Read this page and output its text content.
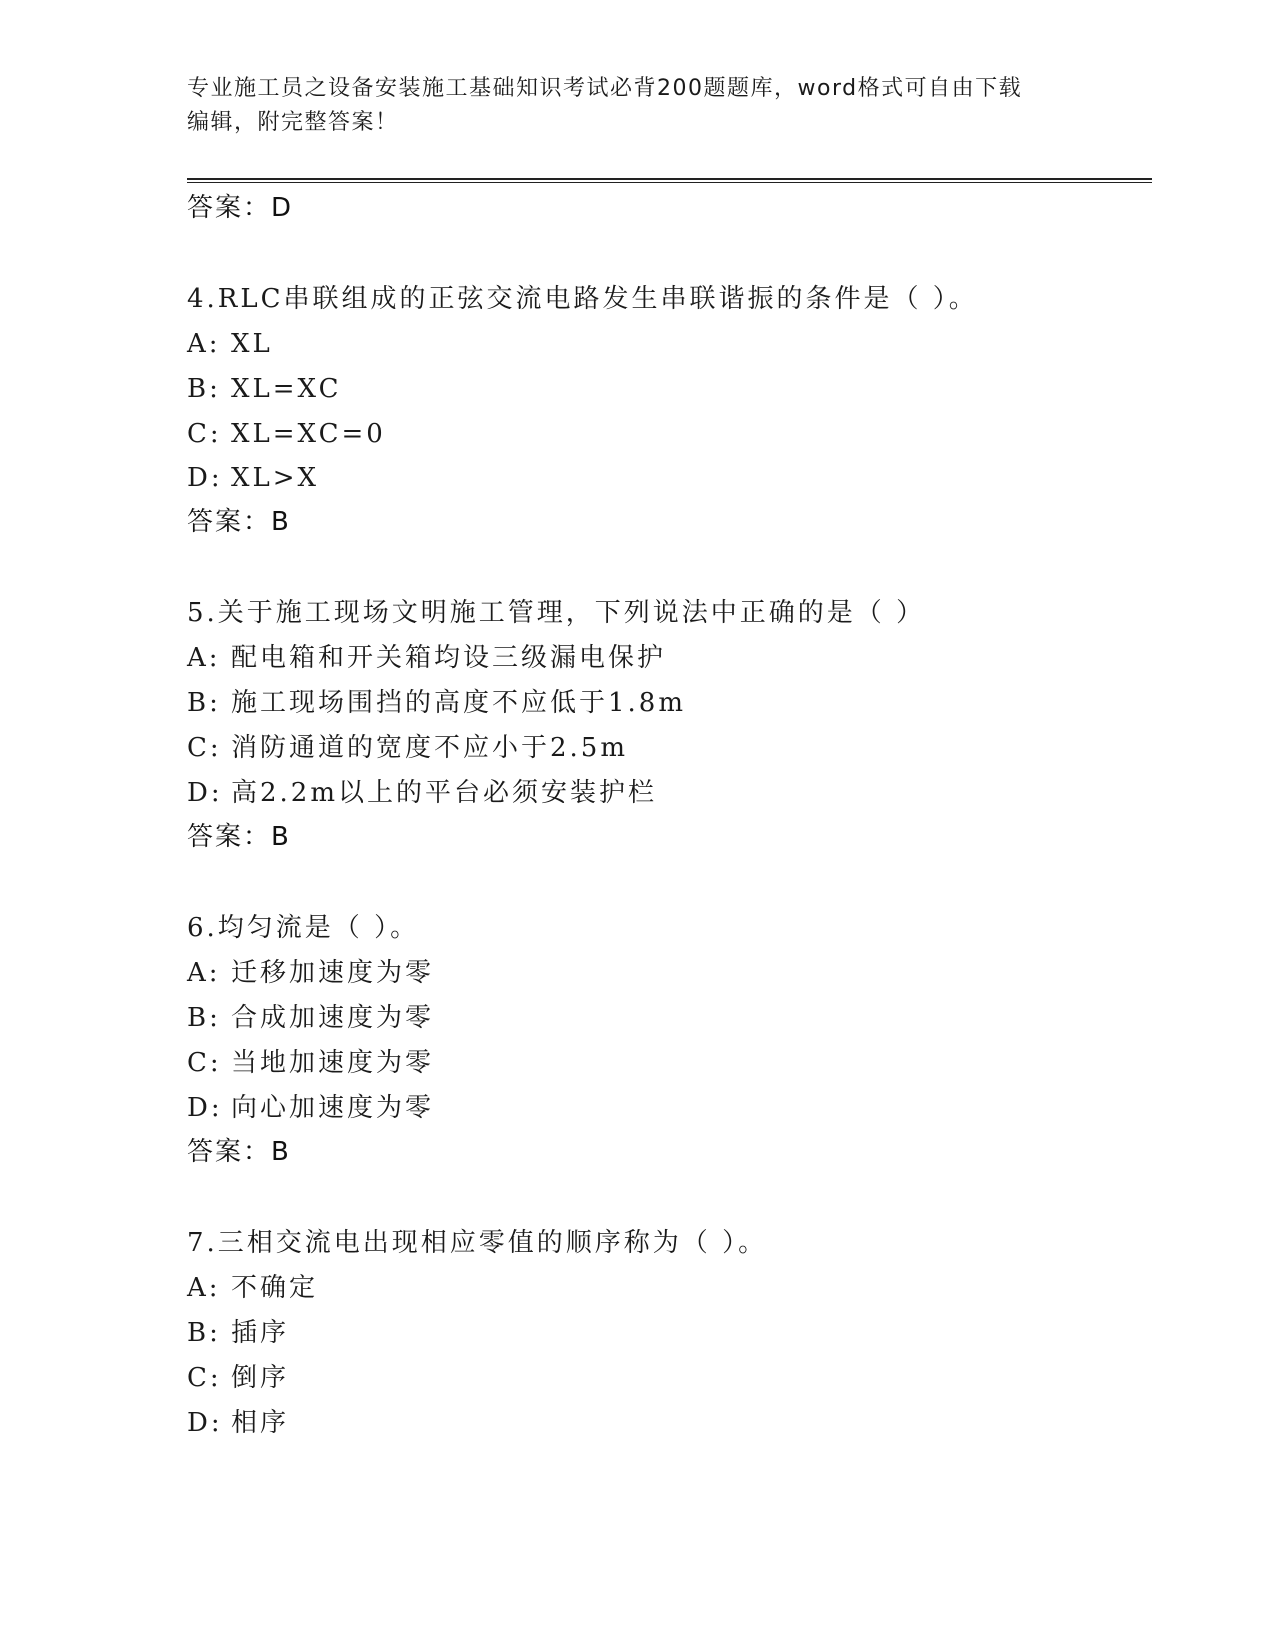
专业施工员之设备安装施工基础知识考试必背200题题库，word格式可自由下载
编辑，附完整答案！
答案：D
4.RLC串联组成的正弦交流电路发生串联谐振的条件是（ ）。
A: XL
B: XL=XC
C: XL=XC=0
D: XL>X
答案：B
5.关于施工现场文明施工管理，下列说法中正确的是（ ）
A: 配电箱和开关箱均设三级漏电保护
B: 施工现场围挡的高度不应低于1.8m
C: 消防通道的宽度不应小于2.5m
D: 高2.2m以上的平台必须安装护栏
答案：B
6.均匀流是（ ）。
A: 迁移加速度为零
B: 合成加速度为零
C: 当地加速度为零
D: 向心加速度为零
答案：B
7.三相交流电出现相应零值的顺序称为（ ）。
A: 不确定
B: 插序
C: 倒序
D: 相序
